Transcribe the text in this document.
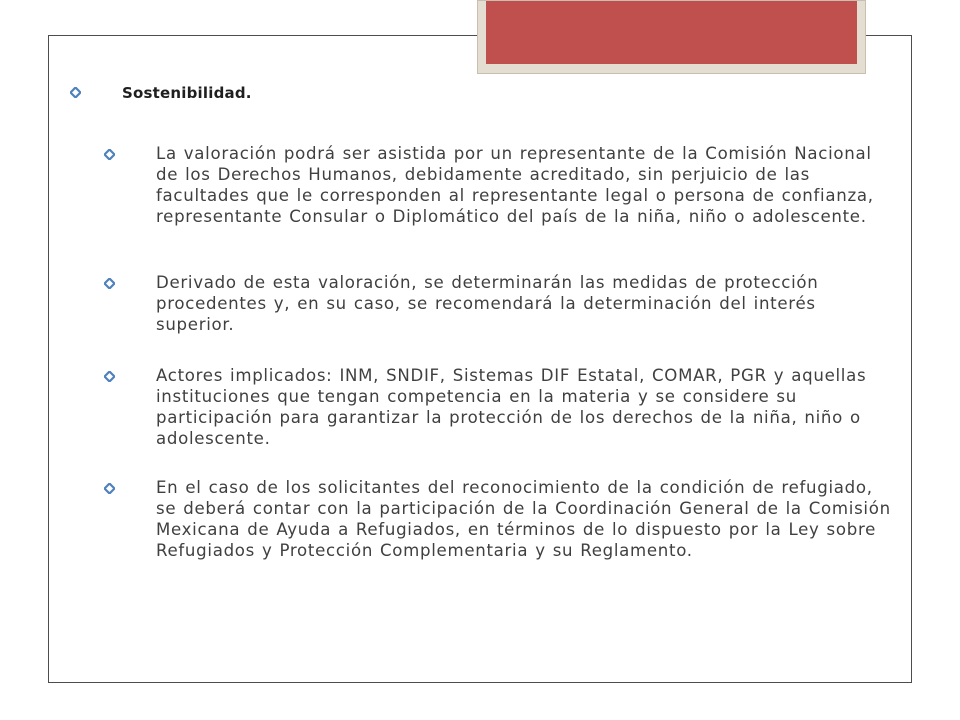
Sostenibilidad.
La valoración podrá ser asistida por un representante de la Comisión Nacional de los Derechos Humanos, debidamente acreditado, sin perjuicio de las facultades que le corresponden al representante legal o persona de confianza, representante Consular o Diplomático del país de la niña, niño o adolescente.
Derivado de esta valoración, se determinarán las medidas de protección procedentes y, en su caso, se recomendará la determinación del interés superior.
Actores implicados: INM, SNDIF, Sistemas DIF Estatal, COMAR, PGR y aquellas instituciones que tengan competencia en la materia y se considere su participación para garantizar la protección de los derechos de la niña, niño o adolescente.
En el caso de los solicitantes del reconocimiento de la condición de refugiado, se deberá contar con la participación de la Coordinación General de la Comisión Mexicana de Ayuda a Refugiados, en términos de lo dispuesto por la Ley sobre Refugiados y Protección Complementaria y su Reglamento.
